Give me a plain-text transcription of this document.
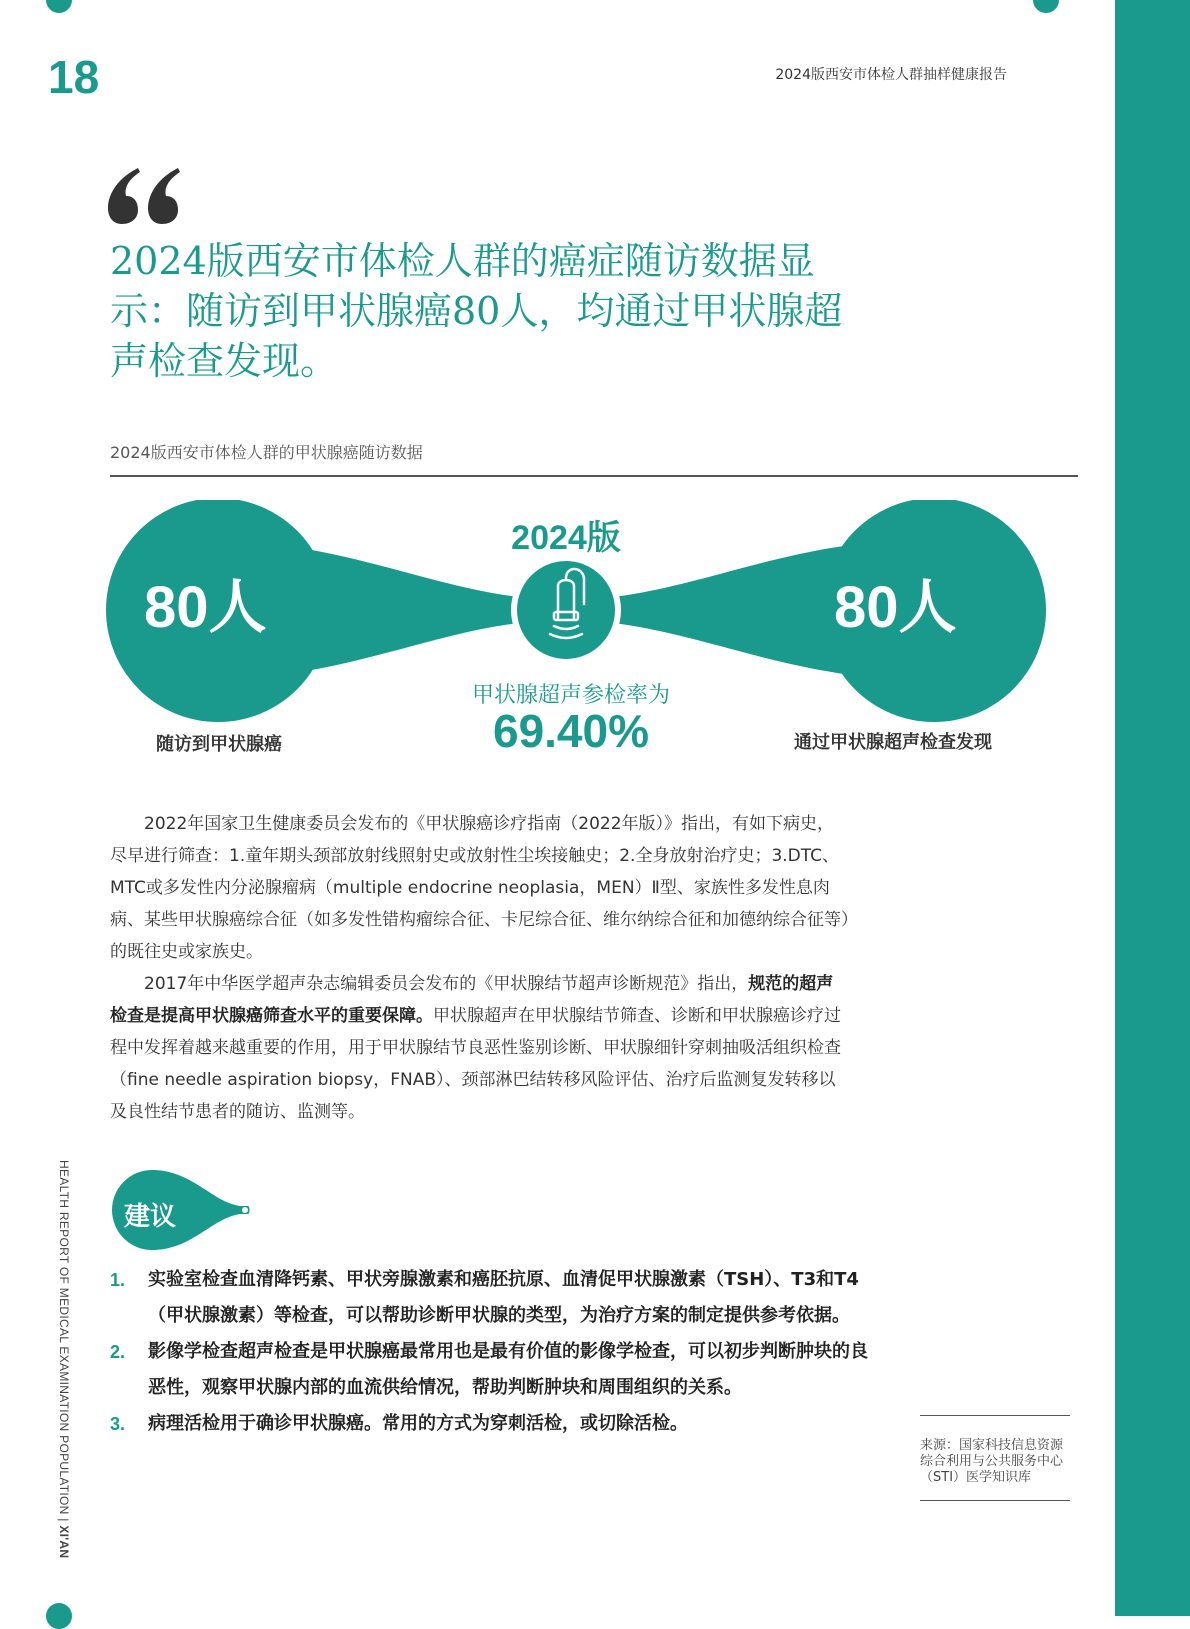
18	2024版西安市体检人群抽样健康报告
2024版西安市体检人群的癌症随访数据显示：随访到甲状腺癌80人，均通过甲状腺超声检查发现。
2024版西安市体检人群的甲状腺癌随访数据
2024版
80人	80人
甲状腺超声参检率为
69.40%
随访到甲状腺癌	通过甲状腺超声检查发现

2022年国家卫生健康委员会发布的《甲状腺癌诊疗指南（2022年版）》指出，有如下病史，尽早进行筛查：1.童年期头颈部放射线照射史或放射性尘埃接触史；2.全身放射治疗史；3.DTC、MTC或多发性内分泌腺瘤病（multiple endocrine neoplasia，MEN）Ⅱ型、家族性多发性息肉病、某些甲状腺癌综合征（如多发性错构瘤综合征、卡尼综合征、维尔纳综合征和加德纳综合征等）的既往史或家族史。

2017年中华医学超声杂志编辑委员会发布的《甲状腺结节超声诊断规范》指出，规范的超声检查是提高甲状腺癌筛查水平的重要保障。甲状腺超声在甲状腺结节筛查、诊断和甲状腺癌诊疗过程中发挥着越来越重要的作用，用于甲状腺结节良恶性鉴别诊断、甲状腺细针穿刺抽吸活组织检查（fine needle aspiration biopsy，FNAB）、颈部淋巴结转移风险评估、治疗后监测复发转移以及良性结节患者的随访、监测等。

建议
1. 实验室检查血清降钙素、甲状旁腺激素和癌胚抗原、血清促甲状腺激素（TSH）、T3和T4（甲状腺激素）等检查，可以帮助诊断甲状腺的类型，为治疗方案的制定提供参考依据。
2. 影像学检查超声检查是甲状腺癌最常用也是最有价值的影像学检查，可以初步判断肿块的良恶性，观察甲状腺内部的血流供给情况，帮助判断肿块和周围组织的关系。
3. 病理活检用于确诊甲状腺癌。常用的方式为穿刺活检，或切除活检。
HEALTH REPORT OF MEDICAL EXAMINATION POPULATION | XI'AN
来源：国家科技信息资源综合利用与公共服务中心（STI）医学知识库
